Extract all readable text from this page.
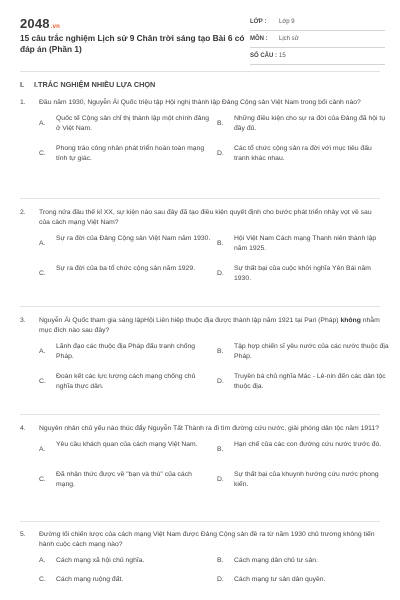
2048.vn
15 câu trắc nghiệm Lịch sử 9 Chân trời sáng tạo Bài 6 có đáp án (Phần 1)
LỚP :	Lớp 9
MÔN :	Lịch sử
SỐ CÂU : 15
I. I.TRẮC NGHIỆM NHIỀU LỰA CHỌN
1. Đầu năm 1930, Nguyễn Ái Quốc triệu tập Hội nghị thành lập Đảng Cộng sản Việt Nam trong bối cảnh nào?
A.
Quốc tế Cộng sản chỉ thị thành lập một chính đảng ở Việt Nam.
B.
Những điều kiện cho sự ra đời của Đảng đã hội tụ đầy đủ.
C.
Phong trào công nhân phát triển hoàn toàn mạng tính tự giác.
D.
Các tổ chức cộng sản ra đời với mục tiêu đấu tranh khác nhau.
2. Trong nửa đầu thế kỉ XX, sự kiện nào sau đây đã tạo điều kiện quyết định cho bước phát triển nhảy vọt về sau của cách mạng Việt Nam?
A.
Sự ra đời của Đảng Cộng sản Việt Nam năm 1930.
B.
Hội Việt Nam Cách mạng Thanh niên thành lập năm 1925.
C.
Sự ra đời của ba tổ chức cộng sản năm 1929.
D.
Sự thất bại của cuộc khởi nghĩa Yên Bái năm 1930.
3. Nguyễn Ái Quốc tham gia sáng lậpHội Liên hiệp thuộc địa được thành lập năm 1921 tại Pari (Pháp) không nhằm mục đích nào sau đây?
A.
Lãnh đạo các thuộc địa Pháp đấu tranh chống Pháp.
B.
Tập hợp chiến sĩ yêu nước của các nước thuộc địa Pháp.
C.
Đoàn kết các lực lượng cách mạng chống chủ nghĩa thực dân.
D.
Truyền bá chủ nghĩa Mác - Lê-nin đến các dân tộc thuộc địa.
4. Nguyên nhân chủ yếu nào thúc đẩy Nguyễn Tất Thành ra đi tìm đường cứu nước, giải phóng dân tộc năm 1911?
A.
Yêu cầu khách quan của cách mạng Việt Nam.
B.
Hạn chế của các con đường cứu nước trước đó.
C.
Đã nhận thức được về "bạn và thù" của cách mạng.
D.
Sự thất bại của khuynh hướng cứu nước phong kiến.
5. Đường lối chiến lược của cách mạng Việt Nam được Đảng Cộng sản đề ra từ năm 1930 chủ trương không tiến hành cuộc cách mạng nào?
A.	Cách mạng xã hội chủ nghĩa.	B.	Cách mạng dân chủ tư sản.
C.	Cách mạng ruộng đất.	D.	Cách mạng tư sản dân quyền.
